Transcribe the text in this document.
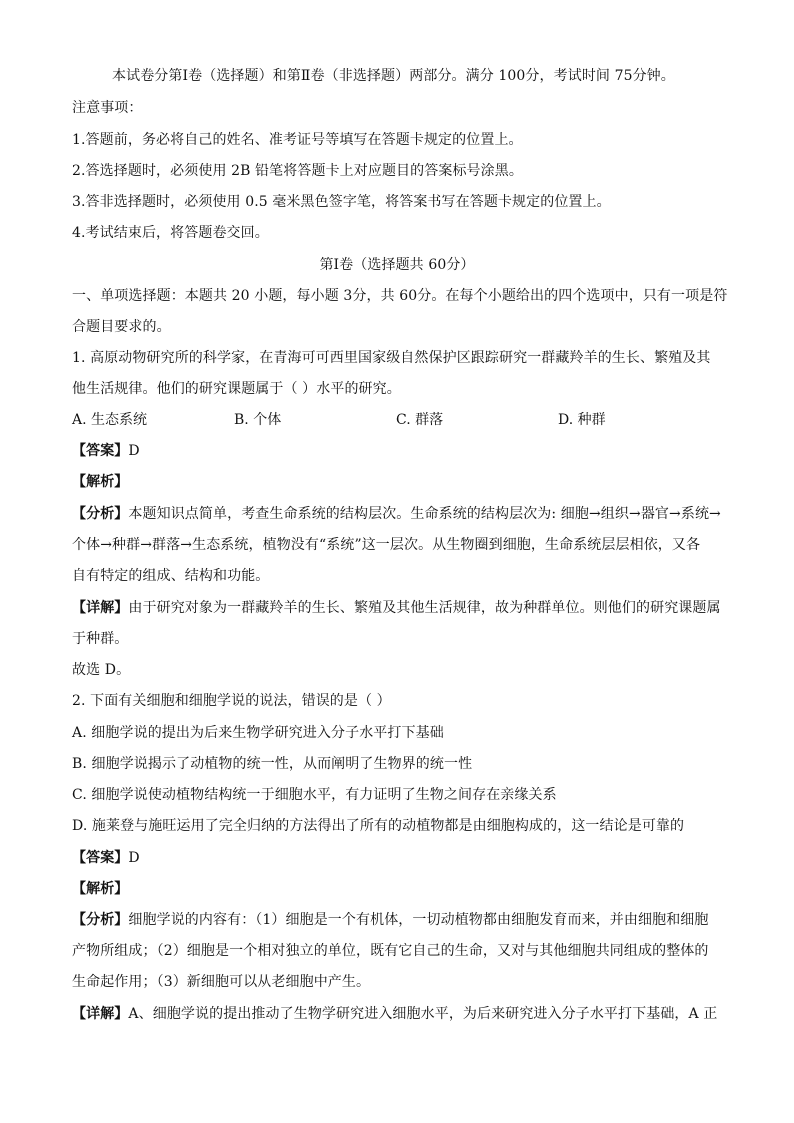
本试卷分第Ⅰ卷（选择题）和第Ⅱ卷（非选择题）两部分。满分 100分，考试时间 75分钟。
注意事项：
1.答题前，务必将自己的姓名、准考证号等填写在答题卡规定的位置上。
2.答选择题时，必须使用 2B 铅笔将答题卡上对应题目的答案标号涂黑。
3.答非选择题时，必须使用 0.5 毫米黑色签字笔，将答案书写在答题卡规定的位置上。
4.考试结束后，将答题卷交回。
第Ⅰ卷（选择题共 60分）
一、单项选择题：本题共 20 小题，每小题 3分，共 60分。在每个小题给出的四个选项中，只有一项是符
合题目要求的。
1. 高原动物研究所的科学家，在青海可可西里国家级自然保护区跟踪研究一群藏羚羊的生长、繁殖及其
他生活规律。他们的研究课题属于（ ）水平的研究。
A. 生态系统	B. 个体	C. 群落	D. 种群
【答案】D
【解析】
【分析】本题知识点简单，考查生命系统的结构层次。生命系统的结构层次为: 细胞→组织→器官→系统→
个体→种群→群落→生态系统，植物没有“系统”这一层次。从生物圈到细胞，生命系统层层相依，又各
自有特定的组成、结构和功能。
【详解】由于研究对象为一群藏羚羊的生长、繁殖及其他生活规律，故为种群单位。则他们的研究课题属
于种群。
故选 D。
2. 下面有关细胞和细胞学说的说法，错误的是（ ）
A. 细胞学说的提出为后来生物学研究进入分子水平打下基础
B. 细胞学说揭示了动植物的统一性，从而阐明了生物界的统一性
C. 细胞学说使动植物结构统一于细胞水平，有力证明了生物之间存在亲缘关系
D. 施莱登与施旺运用了完全归纳的方法得出了所有的动植物都是由细胞构成的，这一结论是可靠的
【答案】D
【解析】
【分析】细胞学说的内容有：（1）细胞是一个有机体，一切动植物都由细胞发育而来，并由细胞和细胞
产物所组成；（2）细胞是一个相对独立的单位，既有它自己的生命，又对与其他细胞共同组成的整体的
生命起作用；（3）新细胞可以从老细胞中产生。
【详解】A、细胞学说的提出推动了生物学研究进入细胞水平，为后来研究进入分子水平打下基础，A 正
